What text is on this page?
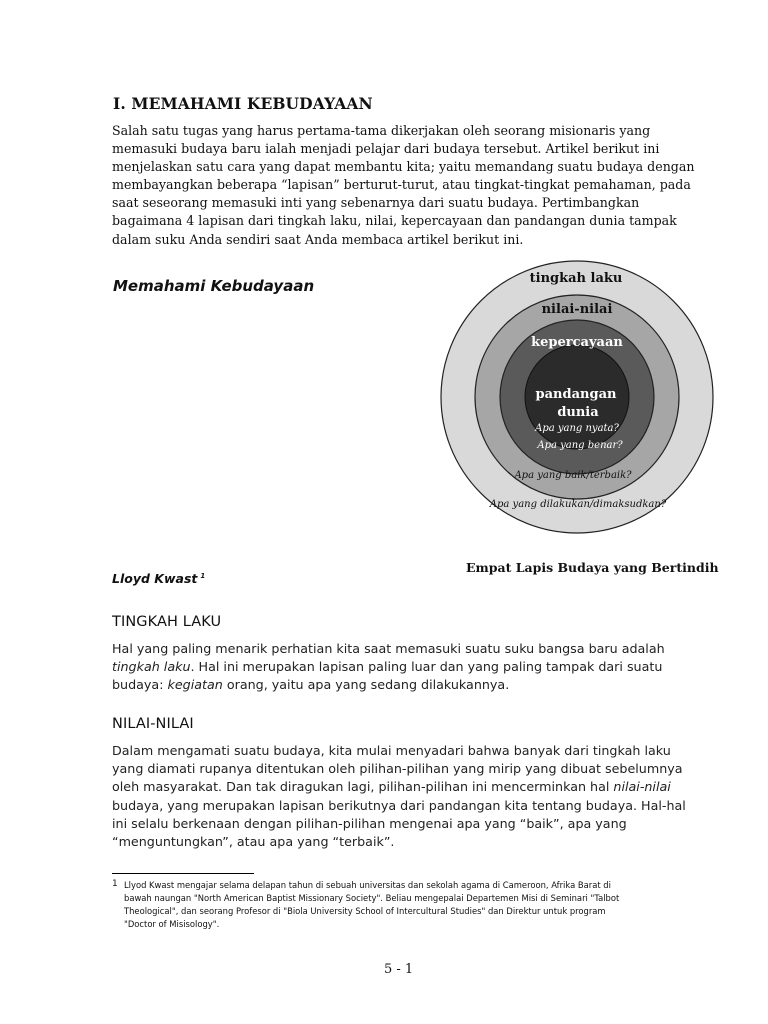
I. MEMAHAMI KEBUDAYAAN
Salah satu tugas yang harus pertama-tama dikerjakan oleh seorang misionaris yang
memasuki budaya baru ialah menjadi pelajar dari budaya tersebut. Artikel berikut ini
menjelaskan satu cara yang dapat membantu kita; yaitu memandang suatu budaya dengan
membayangkan beberapa “lapisan” berturut-turut, atau tingkat-tingkat pemahaman, pada
saat seseorang memasuki inti yang sebenarnya dari suatu budaya. Pertimbangkan
bagaimana 4 lapisan dari tingkah laku, nilai, kepercayaan dan pandangan dunia tampak
dalam suku Anda sendiri saat Anda membaca artikel berikut ini.
Memahami Kebudayaan	tingkah laku
nilai-nilai
kepercayaan
pandangan
dunia
Apa yang nyata?
Apa yang benar?
Apa yang baik/terbaik?
Apa yang dilakukan/dimaksudkan?
Empat Lapis Budaya yang Bertindih
Lloyd Kwast $^1$
TINGKAH LAKU
Hal yang paling menarik perhatian kita saat memasuki suatu suku bangsa baru adalah
tingkah laku. Hal ini merupakan lapisan paling luar dan yang paling tampak dari suatu
budaya: kegiatan orang, yaitu apa yang sedang dilakukannya.
NILAI-NILAI
Dalam mengamati suatu budaya, kita mulai menyadari bahwa banyak dari tingkah laku
yang diamati rupanya ditentukan oleh pilihan-pilihan yang mirip yang dibuat sebelumnya
oleh masyarakat. Dan tak diragukan lagi, pilihan-pilihan ini mencerminkan hal nilai-nilai
budaya, yang merupakan lapisan berikutnya dari pandangan kita tentang budaya. Hal-hal
ini selalu berkenaan dengan pilihan-pilihan mengenai apa yang “baik”, apa yang
“menguntungkan”, atau apa yang “terbaik”.
1 Llyod Kwast mengajar selama delapan tahun di sebuah universitas dan sekolah agama di Cameroon, Afrika Barat di
bawah naungan "North American Baptist Missionary Society". Beliau mengepalai Departemen Misi di Seminari "Talbot
Theological", dan seorang Profesor di "Biola University School of Intercultural Studies" dan Direktur untuk program
"Doctor of Misisology".
5 - 1
